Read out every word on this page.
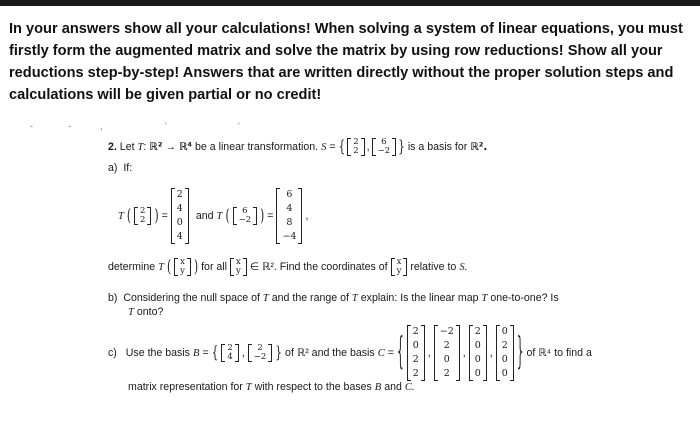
In your answers show all your calculations! When solving a system of linear equations, you must firstly form the augmented matrix and solve the matrix by using row reductions! Show all your reductions step-by-step! Answers that are written directly without the proper solution steps and calculations will be given partial or no credit!
-	-	,	'	'
2. Let T: ℝ² → ℝ⁴ be a linear transformation. S = { 2
2 ,	6
−2 } is a basis for ℝ².
a) If:
T ( 2
2 ) =
2
4
0
4
and T (	6
−2 ) =
6
4
8
−4
,
determine T ( x
y ) for all x
y ∈ ℝ². Find the coordinates of x
y relative to S.
b) Considering the null space of T and the range of T explain: Is the linear map T one-to-one? Is
T onto?
c)
Use the basis B = { 2
4 ,	2
−2 } of ℝ² and the basis C = {
2
0
2
2
,
−2
2
0
2
,
2
0
0
0
,
0
2
0
0 } of ℝ⁴ to find a
matrix representation for T with respect to the bases B and C.
